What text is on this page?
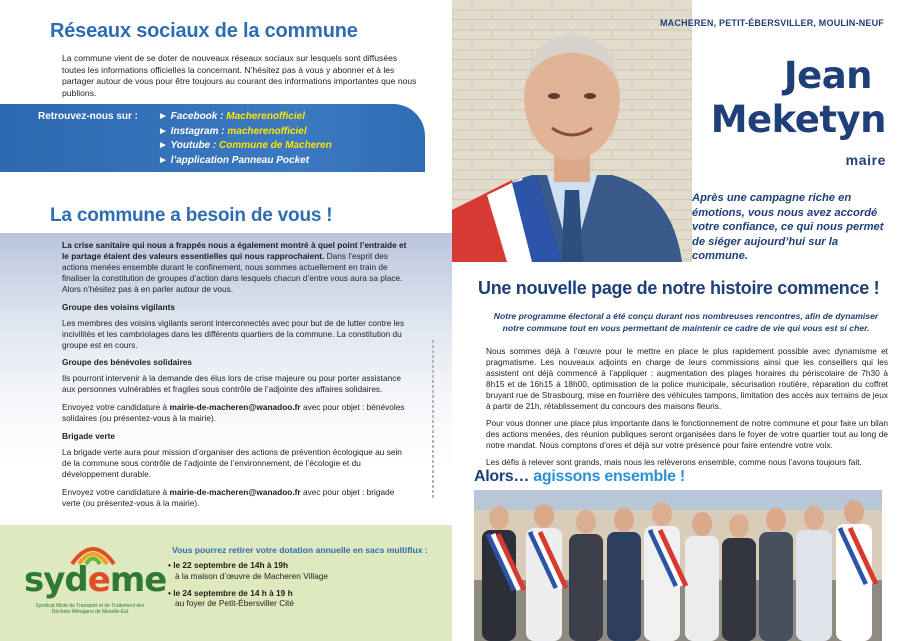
Réseaux sociaux de la commune

La commune vient de se doter de nouveaux réseaux sociaux sur lesquels sont diffusées toutes les informations officielles la concernant. N’hésitez pas à vous y abonner et à les partager autour de vous pour être toujours au courant des informations importantes que nous publions.

Retrouvez-nous sur : ► Facebook : Macherenofficiel
► Instagram : macherenofficiel
► Youtube : Commune de Macheren
► l’application Panneau Pocket
La commune a besoin de vous !

La crise sanitaire qui nous a frappés nous a également montré à quel point l’entraide et le partage étaient des valeurs essentielles qui nous rapprochaient. Dans l’esprit des actions menées ensemble durant le confinement, nous sommes actuellement en train de finaliser la constitution de groupes d’action dans lesquels chacun d’entre vous aura sa place. Alors n’hésitez pas à en parler autour de vous.

Groupe des voisins vigilants

Les membres des voisins vigilants seront interconnectés avec pour but de de lutter contre les incivilités et les cambriolages dans les différents quartiers de la commune. La constitution du groupe est en cours.

Groupe des bénévoles solidaires

Ils pourront intervenir à la demande des élus lors de crise majeure ou pour porter assistance aux personnes vulnérables et fragiles sous contrôle de l’adjointe des affaires solidaires.

Envoyez votre candidature à mairie-de-macheren@wanadoo.fr avec pour objet : bénévoles solidaires (ou présentez-vous à la mairie).

Brigade verte

La brigade verte aura pour mission d’organiser des actions de prévention écologique au sein de la commune sous contrôle de l’adjointe de l’environnement, de l’écologie et du développement durable.

Envoyez votre candidature à mairie-de-macheren@wanadoo.fr avec pour objet : brigade verte (ou présentez-vous à la mairie).

sydeme
Syndicat Mixte de Transport et de Traitement des Déchets Ménagers de Moselle-Est
Vous pourrez retirer votre dotation annuelle en sacs multiflux :
• le 22 septembre de 14h à 19h
à la maison d’œuvre de Macheren Village
• le 24 septembre de 14 h à 19 h
au foyer de Petit-Ébersviller Cité
MACHEREN, PETIT-ÉBERSVILLER, MOULIN-NEUF
Jean
Meketyn
maire

Après une campagne riche en émotions, vous nous avez accordé votre confiance, ce qui nous permet de siéger aujourd’hui sur la commune.

Une nouvelle page de notre histoire commence !

Notre programme électoral a été conçu durant nos nombreuses rencontres, afin de dynamiser notre commune tout en vous permettant de maintenir ce cadre de vie qui vous est si cher.

Nous sommes déjà à l’œuvre pour le mettre en place le plus rapidement possible avec dynamisme et pragmatisme. Les nouveaux adjoints en charge de leurs commissions ainsi que les conseillers qui les assistent ont déjà commencé à l’appliquer : augmentation des plages horaires du périscolaire de 7h30 à 8h15 et de 16h15 à 18h00, optimisation de la police municipale, sécurisation routière, réparation du coffret bruyant rue de Strasbourg, mise en fourrière des véhicules tampons, limitation des accès aux terrains de jeux à partir de 21h, rétablissement du concours des maisons fleuris.

Pour vous donner une place plus importante dans le fonctionnement de notre commune et pour faire un bilan des actions menées, des réunion publiques seront organisées dans le foyer de votre quartier tout au long de notre mandat. Nous comptons d’ores et déjà sur votre présence pour faire entendre votre voix.

Les défis à relever sont grands, mais nous les relèverons ensemble, comme nous l’avons toujours fait.

Alors… agissons ensemble !
